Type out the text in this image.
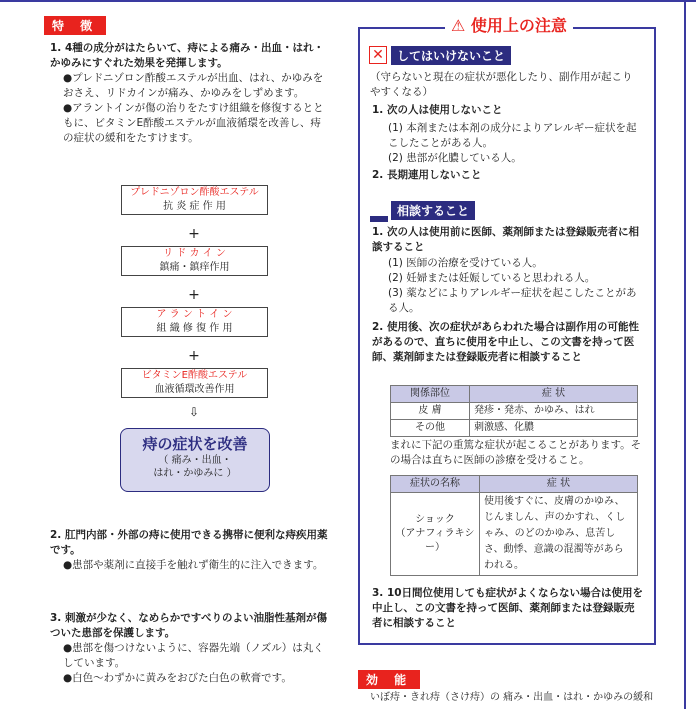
特 徴
1. 4種の成分がはたらいて、痔による痛み・出血・はれ・かゆみにすぐれた効果を発揮します。
●プレドニゾロン酢酸エステルが出血、はれ、かゆみをおさえ、リドカインが痛み、かゆみをしずめます。
●アラントインが傷の治りをたすけ組織を修復するとともに、ビタミンE酢酸エステルが血液循環を改善し、痔の症状の緩和をたすけます。
プレドニゾロン酢酸エステル
抗 炎 症 作 用
+
リ ド カ イ ン
鎮痛・鎮痒作用
+
ア ラ ン ト イ ン
組 織 修 復 作 用
+
ビタミンE酢酸エステル
血液循環改善作用
⇩
痔の症状を改善
（ 痛み・出血・
はれ・かゆみに ）
2. 肛門内部・外部の痔に使用できる携帯に便利な痔疾用薬です。
●患部や薬剤に直接手を触れず衛生的に注入できます。
3. 刺激が少なく、なめらかですべりのよい油脂性基剤が傷ついた患部を保護します。
●患部を傷つけないように、容器先端（ノズル）は丸くしています。
●白色～わずかに黄みをおびた白色の軟膏です。
⚠ 使用上の注意
✕	してはいけないこと
（守らないと現在の症状が悪化したり、副作用が起こりやすくなる）
1. 次の人は使用しないこと
(1) 本剤または本剤の成分によりアレルギー症状を起こしたことがある人。
(2) 患部が化膿している人。
2. 長期連用しないこと
相談すること
1. 次の人は使用前に医師、薬剤師または登録販売者に相談すること
(1) 医師の治療を受けている人。
(2) 妊婦または妊娠していると思われる人。
(3) 薬などによりアレルギー症状を起こしたことがある人。
2. 使用後、次の症状があらわれた場合は副作用の可能性があるので、直ちに使用を中止し、この文書を持って医師、薬剤師または登録販売者に相談すること
関係部位	症 状
皮 膚	発疹・発赤、かゆみ、はれ
その他	刺激感、化膿
まれに下記の重篤な症状が起こることがあります。その場合は直ちに医師の診療を受けること。
症状の名称	症 状

ショック
（アナフィラキシー）	使用後すぐに、皮膚のかゆみ、じんましん、声のかすれ、くしゃみ、のどのかゆみ、息苦しさ、動悸、意識の混濁等があらわれる。
3. 10日間位使用しても症状がよくならない場合は使用を中止し、この文書を持って医師、薬剤師または登録販売者に相談すること
効 能
いぼ痔・きれ痔（さけ痔）の 痛み・出血・はれ・かゆみの緩和
